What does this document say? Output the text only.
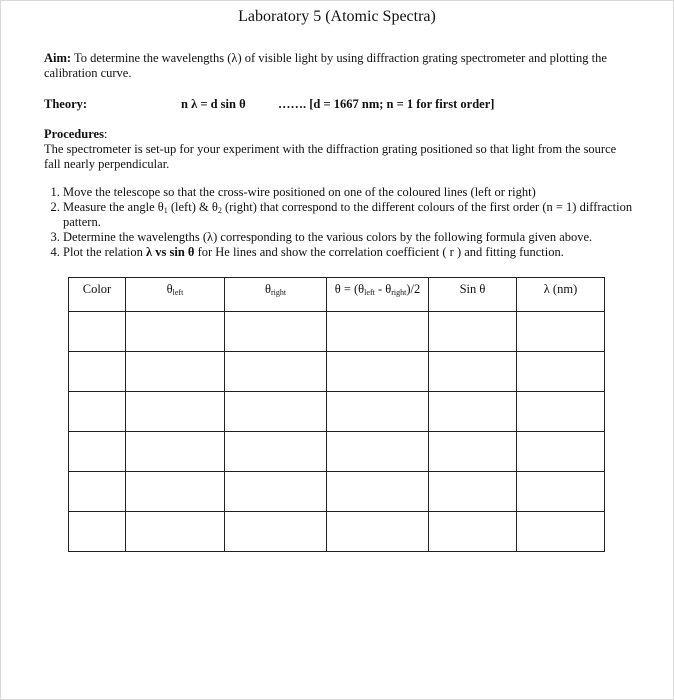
Laboratory 5 (Atomic Spectra)
Aim: To determine the wavelengths (λ) of visible light by using diffraction grating spectrometer and plotting the calibration curve.
Theory:	n λ = d sin θ	……. [d = 1667 nm; n = 1 for first order]
Procedures:
The spectrometer is set-up for your experiment with the diffraction grating positioned so that light from the source fall nearly perpendicular.
1. Move the telescope so that the cross-wire positioned on one of the coloured lines (left or right)
2. Measure the angle $\theta_1$ (left) & $\theta_2$ (right) that correspond to the different colours of the first order (n = 1) diffraction pattern.
3. Determine the wavelengths (λ) corresponding to the various colors by the following formula given above.
4. Plot the relation λ vs sin θ for He lines and show the correlation coefficient ( r ) and fitting function.
Color	$\theta_{left}$	$\theta_{right}$	$\theta = (\theta_{left} - \theta_{right})/2$	Sin θ	λ (nm)
